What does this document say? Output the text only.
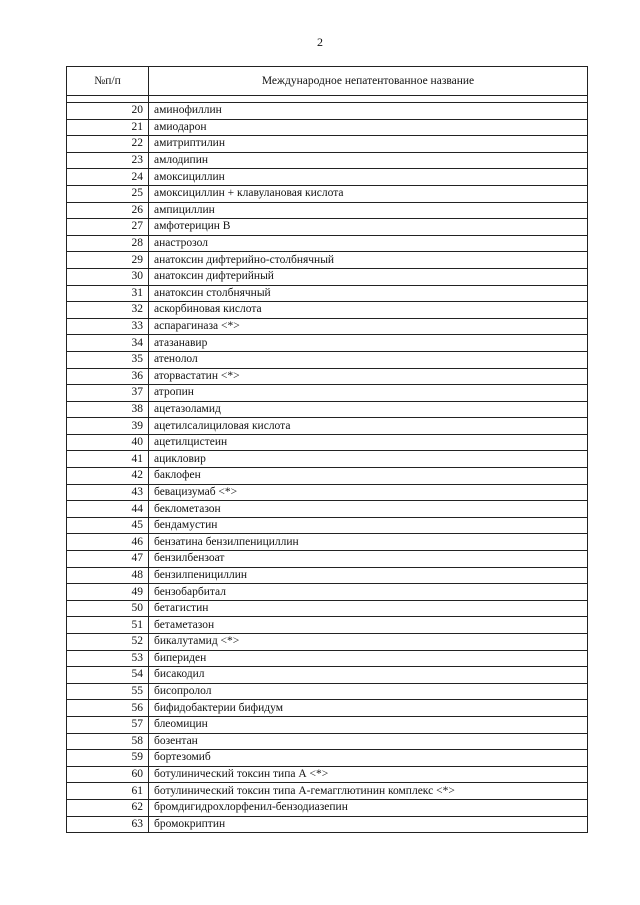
2
№п/п	Международное непатентованное название

20	аминофиллин
21	амиодарон
22	амитриптилин
23	амлодипин
24	амоксициллин
25	амоксициллин + клавулановая кислота
26	ампициллин
27	амфотерицин В
28	анастрозол
29	анатоксин дифтерийно-столбнячный
30	анатоксин дифтерийный
31	анатоксин столбнячный
32	аскорбиновая кислота
33	аспарагиназа <*>
34	атазанавир
35	атенолол
36	аторвастатин <*>
37	атропин
38	ацетазоламид
39	ацетилсалициловая кислота
40	ацетилцистеин
41	ацикловир
42	баклофен
43	бевацизумаб <*>
44	беклометазон
45	бендамустин
46	бензатина бензилпенициллин
47	бензилбензоат
48	бензилпенициллин
49	бензобарбитал
50	бетагистин
51	бетаметазон
52	бикалутамид <*>
53	бипериден
54	бисакодил
55	бисопролол
56	бифидобактерии бифидум
57	блеомицин
58	бозентан
59	бортезомиб
60	ботулинический токсин типа А <*>
61	ботулинический токсин типа А-гемагглютинин комплекс <*>
62	бромдигидрохлорфенил-бензодиазепин
63	бромокриптин
